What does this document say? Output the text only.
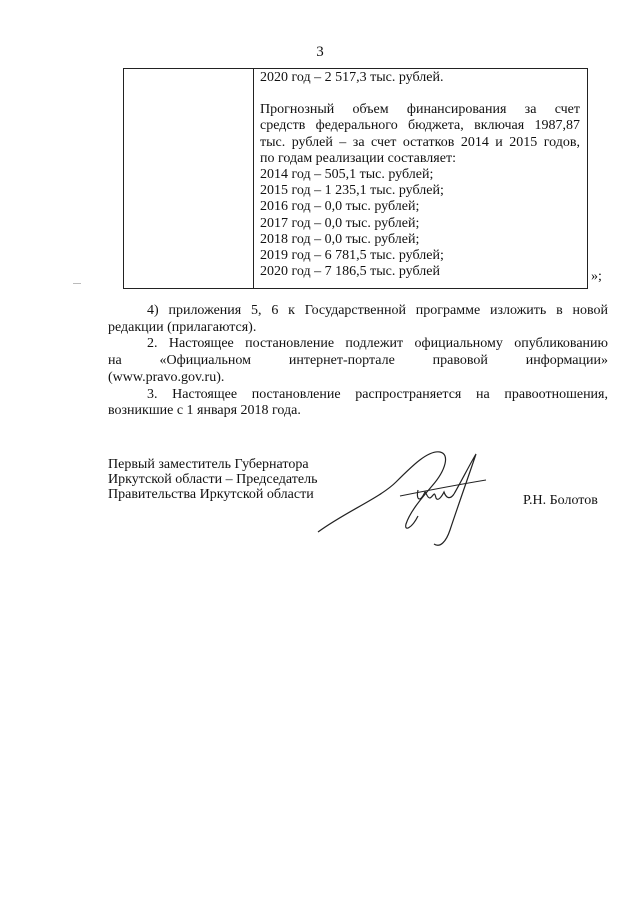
3
2020 год – 2 517,3 тыс. рублей.
Прогнозный объем финансирования за счет
средств федерального бюджета, включая 1987,87
тыс. рублей – за счет остатков 2014 и 2015 годов,
по годам реализации составляет:
2014 год – 505,1 тыс. рублей;
2015 год – 1 235,1 тыс. рублей;
2016 год – 0,0 тыс. рублей;
2017 год – 0,0 тыс. рублей;
2018 год – 0,0 тыс. рублей;
2019 год – 6 781,5 тыс. рублей;
2020 год – 7 186,5 тыс. рублей	»;
4) приложения 5, 6 к Государственной программе изложить в новой
редакции (прилагаются).
2. Настоящее постановление подлежит официальному опубликованию
на «Официальном интернет-портале правовой информации»
(www.pravo.gov.ru).
3. Настоящее постановление распространяется на правоотношения,
возникшие с 1 января 2018 года.
Первый заместитель Губернатора
Иркутской области – Председатель
Правительства Иркутской области	Р.Н. Болотов
